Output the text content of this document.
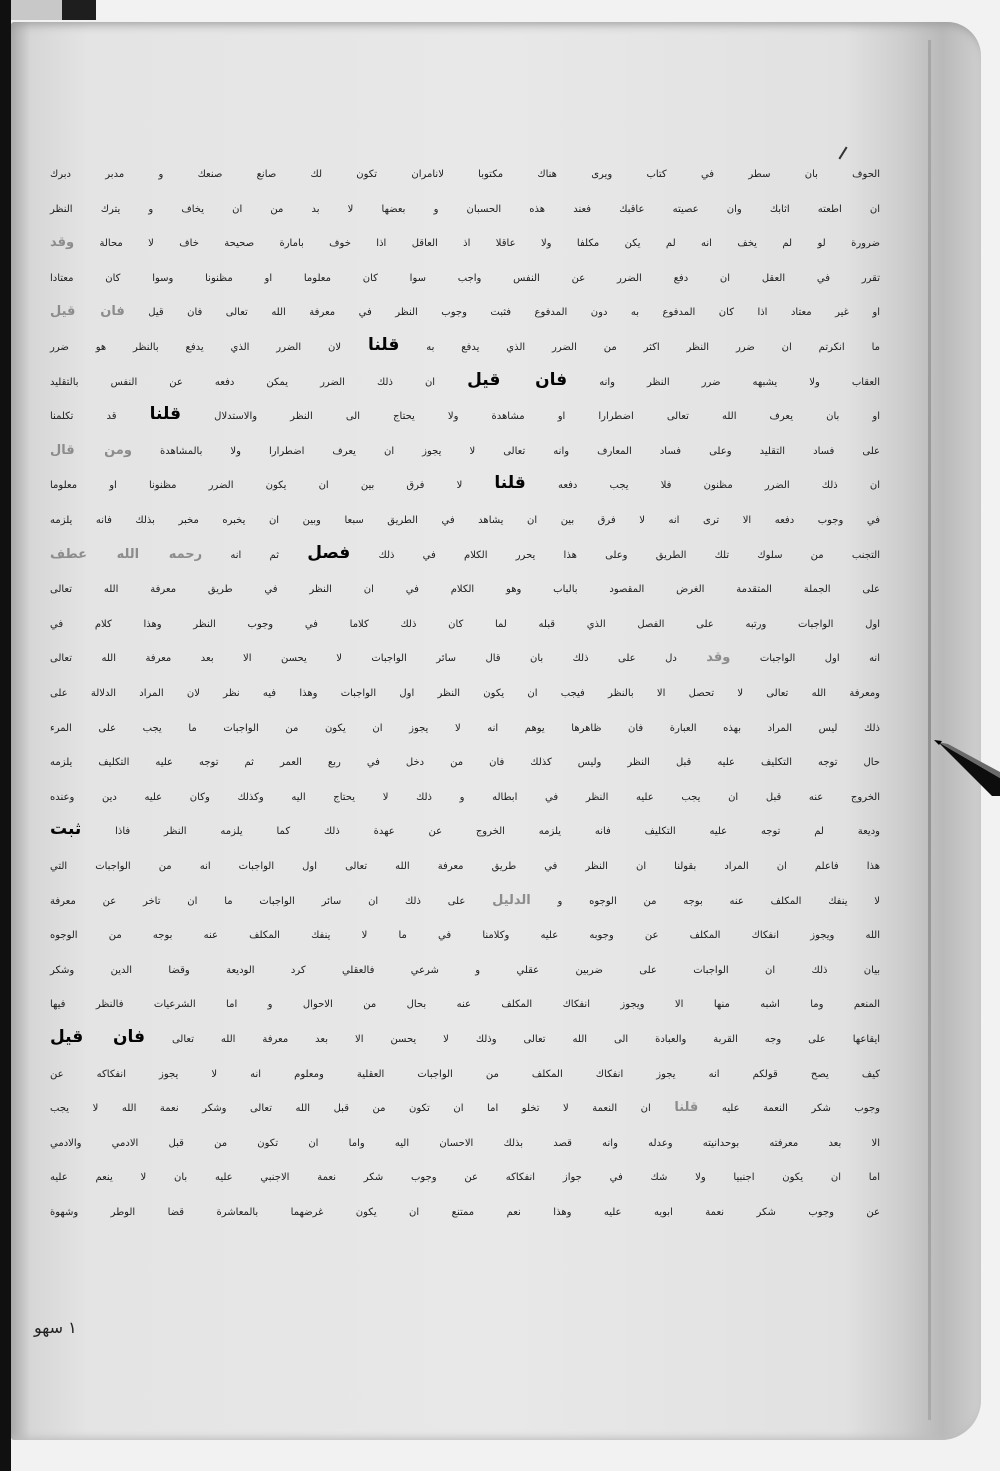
الحوف بان سطر في كتاب ويرى هناك مكتوبا لانامران تكون لك صانع صنعك و مدبر دبرك
ان اطعته اثابك وان عصيته عاقبك فعند هذه الحسبان و بعضها لا بد من ان يخاف و يترك النظر
ضرورة لو لم يخف انه لم يكن مكلفا ولا عاقلا اذ العاقل اذا خوف بامارة صحيحة خاف لا محالة وقد
تقرر في العقل ان دفع الضرر عن النفس واجب سوا كان معلوما او مظنونا وسوا كان معتادا
او غير معتاد اذا كان المدفوع به دون المدفوع فثبت وجوب النظر في معرفة الله تعالى فان قيل فان قيل
ما انكرتم ان ضرر النظر اكثر من الضرر الذي يدفع به قلنا لان الضرر الذي يدفع بالنظر هو ضرر
العقاب ولا يشبهه ضرر النظر وانه فان قيل ان ذلك الضرر يمكن دفعه عن النفس بالتقليد
او بان يعرف الله تعالى اضطرارا او مشاهدة ولا يحتاج الى النظر والاستدلال قلنا قد تكلمنا
على فساد التقليد وعلى فساد المعارف وانه تعالى لا يجوز ان يعرف اضطرارا ولا بالمشاهدة ومن قال
ان ذلك الضرر مظنون فلا يجب دفعه قلنا لا فرق بين ان يكون الضرر مظنونا او معلوما
في وجوب دفعه الا ترى انه لا فرق بين ان يشاهد في الطريق سبعا وبين ان يخبره مخبر بذلك فانه يلزمه
التجنب من سلوك تلك الطريق وعلى هذا يحرر الكلام في ذلك فصل ثم انه رحمه الله عطف
على الجملة المتقدمة الغرض المقصود بالباب وهو الكلام في ان النظر في طريق معرفة الله تعالى
اول الواجبات ورتبه على الفصل الذي قبله لما كان ذلك كلاما في وجوب النظر وهذا كلام في
انه اول الواجبات وقد دل على ذلك بان قال سائر الواجبات لا يحسن الا بعد معرفة الله تعالى
ومعرفة الله تعالى لا تحصل الا بالنظر فيجب ان يكون النظر اول الواجبات وهذا فيه نظر لان المراد الدلالة على
ذلك ليس المراد بهذه العبارة فان ظاهرها يوهم انه لا يجوز ان يكون من الواجبات ما يجب على المرء
حال توجه التكليف عليه قبل النظر وليس كذلك فان من دخل في ربع العمر ثم توجه عليه التكليف يلزمه
الخروج عنه قبل ان يجب عليه النظر في ابطاله و ذلك لا يحتاج اليه وكذلك وكان عليه دين وعنده
وديعة لم توجه عليه التكليف فانه يلزمه الخروج عن عهدة ذلك كما يلزمه النظر فاذا ثبت
هذا فاعلم ان المراد بقولنا ان النظر في طريق معرفة الله تعالى اول الواجبات انه من الواجبات التي
لا ينفك المكلف عنه بوجه من الوجوه و الدليل على ذلك ان سائر الواجبات ما ان تاخر عن معرفة
الله ويجوز انفكاك المكلف عن وجوبه عليه وكلامنا في ما لا ينفك المكلف عنه بوجه من الوجوه
بيان ذلك ان الواجبات على ضربين عقلي و شرعي فالعقلي كرد الوديعة وقضا الدين وشكر
المنعم وما اشبه منها الا ويجوز انفكاك المكلف عنه بحال من الاحوال و اما الشرعيات فالنظر فيها
ايقاعها على وجه القربة والعبادة الى الله تعالى وذلك لا يحسن الا بعد معرفة الله تعالى فان قيل
كيف يصح قولكم انه يجوز انفكاك المكلف من الواجبات العقلية ومعلوم انه لا يجوز انفكاكه عن
وجوب شكر النعمة عليه قلنا ان النعمة لا تخلو اما ان تكون من قبل الله تعالى وشكر نعمة الله لا يجب
الا بعد معرفته بوحدانيته وعدله وانه قصد بذلك الاحسان اليه واما ان تكون من قبل الادمي والادمي
اما ان يكون اجنبيا ولا شك في جواز انفكاكه عن وجوب شكر نعمة الاجنبي عليه بان لا ينعم عليه
عن وجوب شكر نعمة ابويه عليه وهذا نعم ممتنع ان يكون غرضهما بالمعاشرة قضا الوطر وشهوة
١ سهو
